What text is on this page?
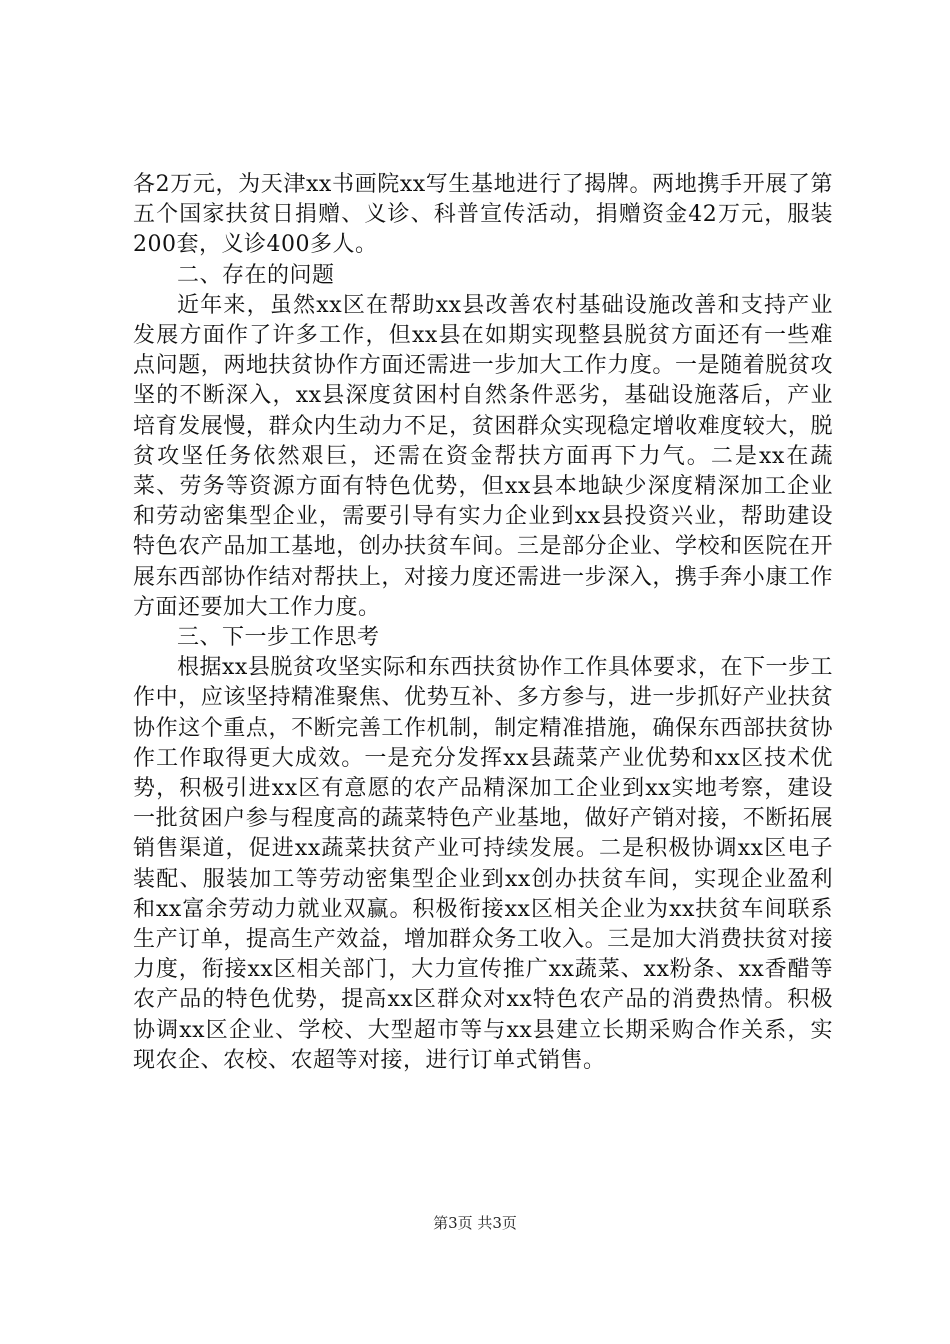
各2万元，为天津xx书画院xx写生基地进行了揭牌。两地携手开展了第五个国家扶贫日捐赠、义诊、科普宣传活动，捐赠资金42万元，服装200套，义诊400多人。

二、存在的问题

近年来，虽然xx区在帮助xx县改善农村基础设施改善和支持产业发展方面作了许多工作，但xx县在如期实现整县脱贫方面还有一些难点问题，两地扶贫协作方面还需进一步加大工作力度。一是随着脱贫攻坚的不断深入，xx县深度贫困村自然条件恶劣，基础设施落后，产业培育发展慢，群众内生动力不足，贫困群众实现稳定增收难度较大，脱贫攻坚任务依然艰巨，还需在资金帮扶方面再下力气。二是xx在蔬菜、劳务等资源方面有特色优势，但xx县本地缺少深度精深加工企业和劳动密集型企业，需要引导有实力企业到xx县投资兴业，帮助建设特色农产品加工基地，创办扶贫车间。三是部分企业、学校和医院在开展东西部协作结对帮扶上，对接力度还需进一步深入，携手奔小康工作方面还要加大工作力度。

三、下一步工作思考

根据xx县脱贫攻坚实际和东西扶贫协作工作具体要求，在下一步工作中，应该坚持精准聚焦、优势互补、多方参与，进一步抓好产业扶贫协作这个重点，不断完善工作机制，制定精准措施，确保东西部扶贫协作工作取得更大成效。一是充分发挥xx县蔬菜产业优势和xx区技术优势，积极引进xx区有意愿的农产品精深加工企业到xx实地考察，建设一批贫困户参与程度高的蔬菜特色产业基地，做好产销对接，不断拓展销售渠道，促进xx蔬菜扶贫产业可持续发展。二是积极协调xx区电子装配、服装加工等劳动密集型企业到xx创办扶贫车间，实现企业盈利和xx富余劳动力就业双赢。积极衔接xx区相关企业为xx扶贫车间联系生产订单，提高生产效益，增加群众务工收入。三是加大消费扶贫对接力度，衔接xx区相关部门，大力宣传推广xx蔬菜、xx粉条、xx香醋等农产品的特色优势，提高xx区群众对xx特色农产品的消费热情。积极协调xx区企业、学校、大型超市等与xx县建立长期采购合作关系，实现农企、农校、农超等对接，进行订单式销售。

第3页 共3页
